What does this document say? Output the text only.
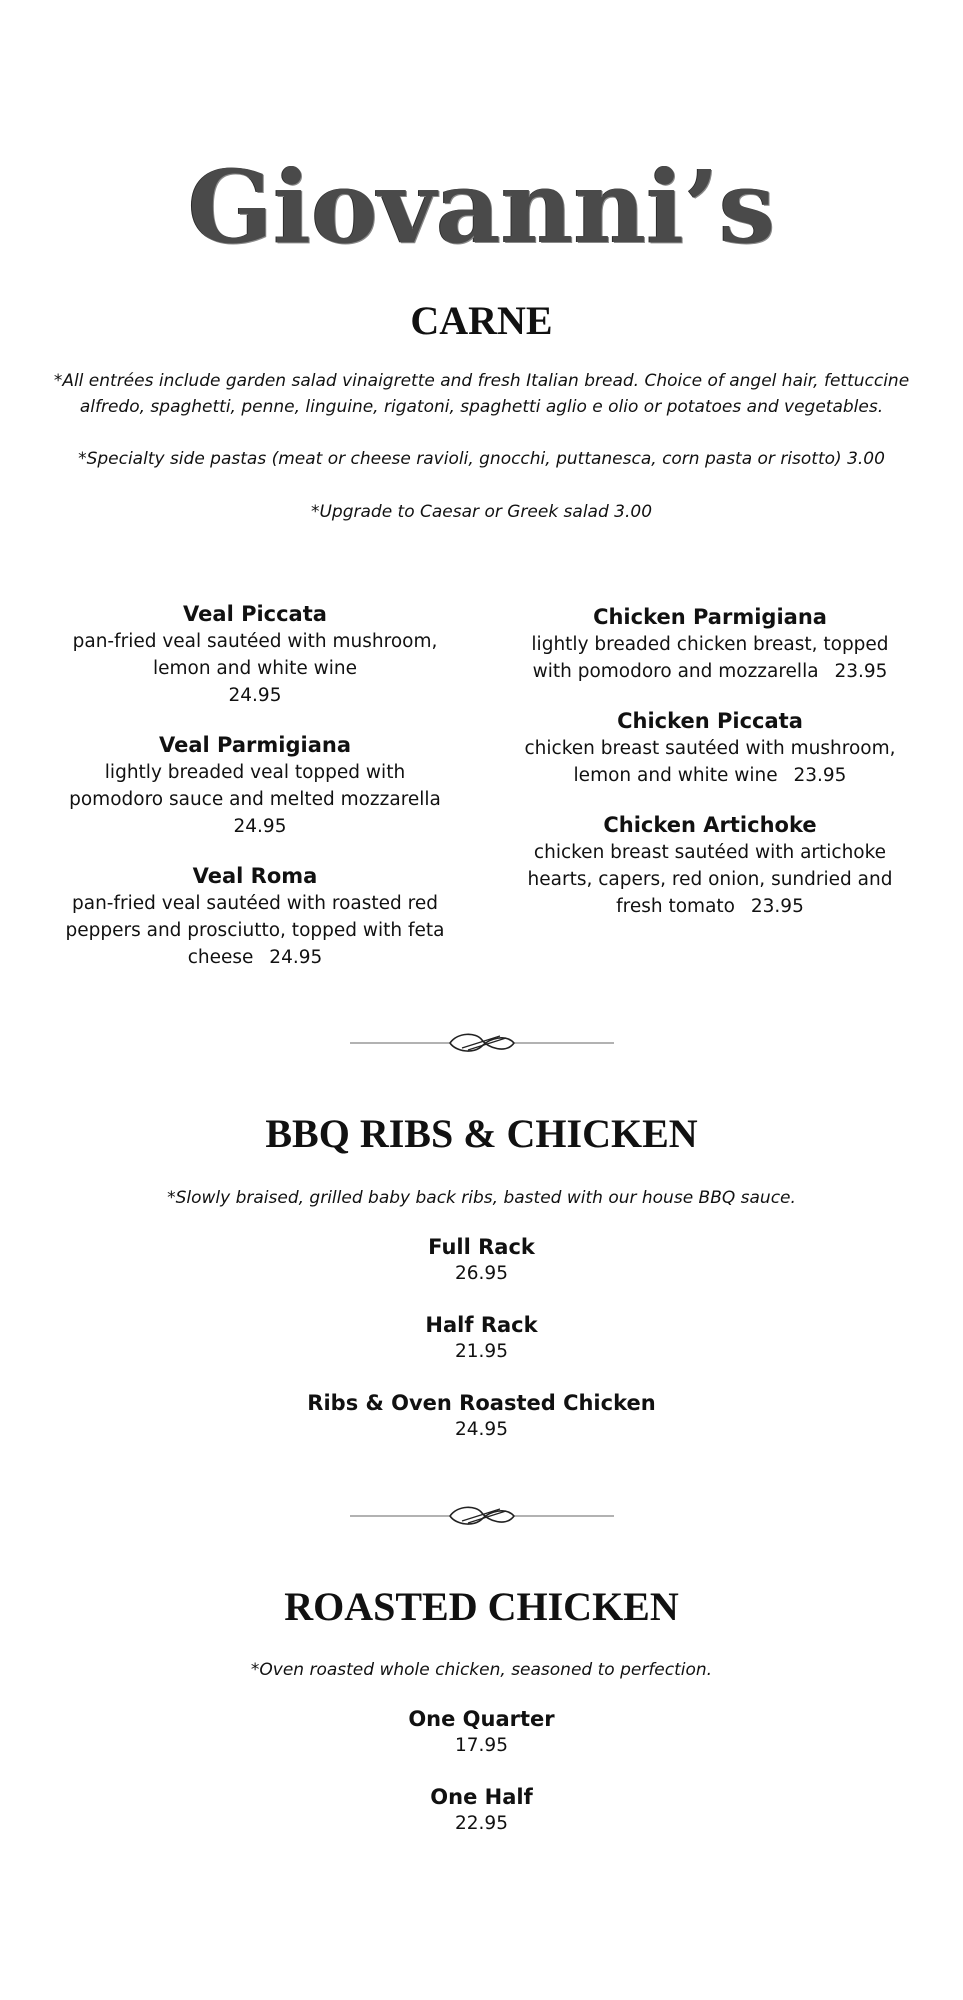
Giovanni’s
CARNE
*All entrées include garden salad vinaigrette and fresh Italian bread. Choice of angel hair, fettuccine alfredo, spaghetti, penne, linguine, rigatoni, spaghetti aglio e olio or potatoes and vegetables.
*Specialty side pastas (meat or cheese ravioli, gnocchi, puttanesca, corn pasta or risotto) 3.00
*Upgrade to Caesar or Greek salad 3.00
Veal Piccata
pan-fried veal sautéed with mushroom, lemon and white wine
24.95
Veal Parmigiana
lightly breaded veal topped with pomodoro sauce and melted mozzarella 24.95
Veal Roma
pan-fried veal sautéed with roasted red peppers and prosciutto, topped with feta cheese 24.95
Chicken Parmigiana
lightly breaded chicken breast, topped with pomodoro and mozzarella 23.95
Chicken Piccata
chicken breast sautéed with mushroom, lemon and white wine 23.95
Chicken Artichoke
chicken breast sautéed with artichoke hearts, capers, red onion, sundried and fresh tomato 23.95
BBQ RIBS & CHICKEN
*Slowly braised, grilled baby back ribs, basted with our house BBQ sauce.
Full Rack
26.95
Half Rack
21.95
Ribs & Oven Roasted Chicken
24.95
ROASTED CHICKEN
*Oven roasted whole chicken, seasoned to perfection.
One Quarter
17.95
One Half
22.95
